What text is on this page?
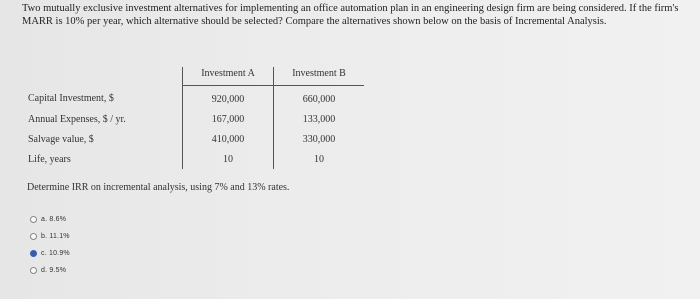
Two mutually exclusive investment alternatives for implementing an office automation plan in an engineering design firm are being considered. If the firm's MARR is 10% per year, which alternative should be selected? Compare the alternatives shown below on the basis of Incremental Analysis.
	Investment A	Investment B
Capital Investment, $	920,000	660,000
Annual Expenses, $ / yr.	167,000	133,000
Salvage value, $	410,000	330,000
Life, years	10	10
Determine IRR on incremental analysis, using 7% and 13% rates.
a. 8.6%
b. 11.1%
c. 10.9%
d. 9.5%
